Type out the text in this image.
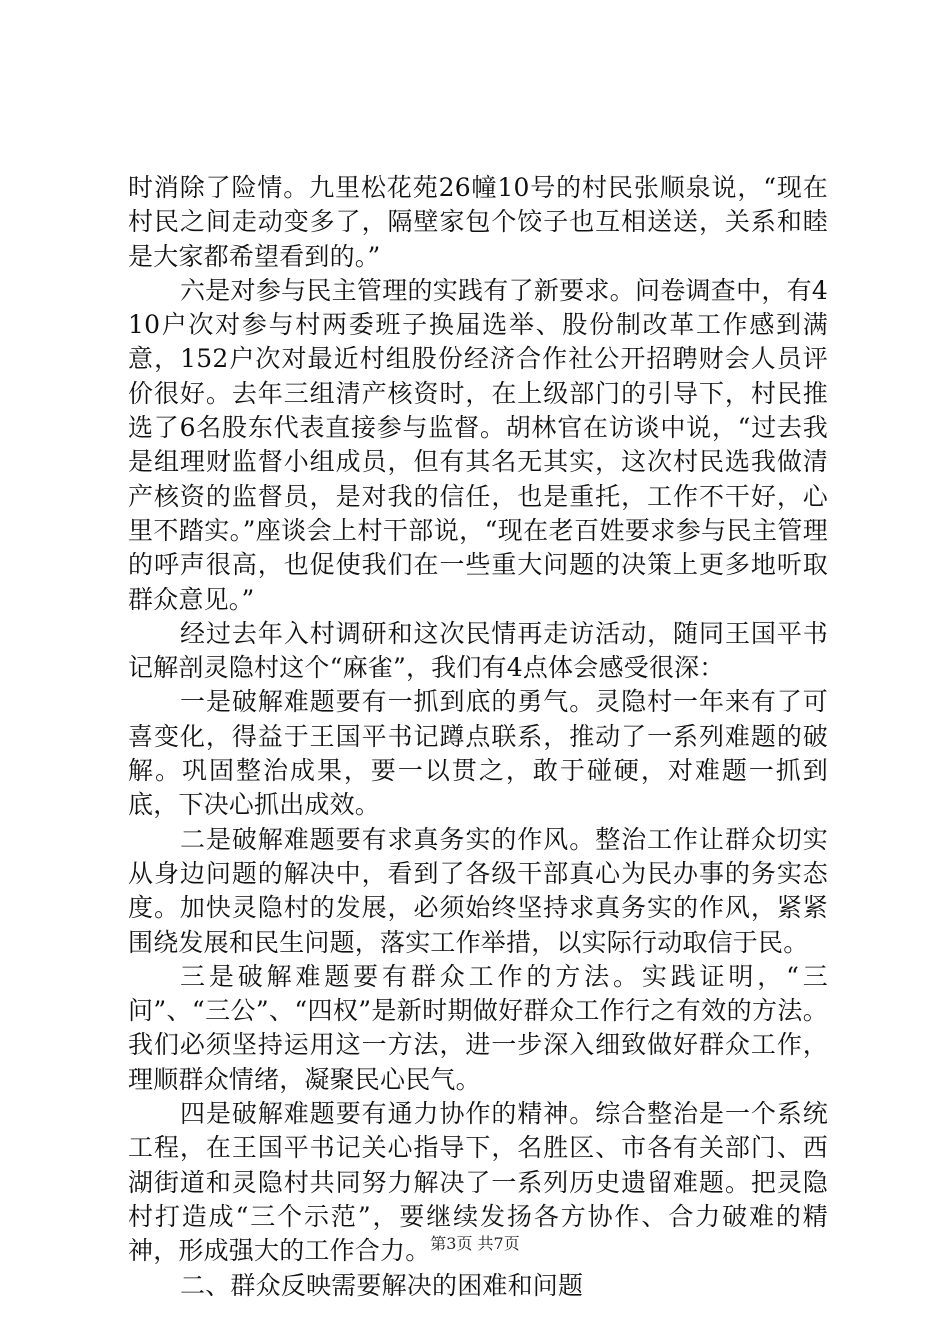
时消除了险情。九里松花苑26幢10号的村民张顺泉说，“现在村民之间走动变多了，隔壁家包个饺子也互相送送，关系和睦是大家都希望看到的。”

六是对参与民主管理的实践有了新要求。问卷调查中，有410户次对参与村两委班子换届选举、股份制改革工作感到满意，152户次对最近村组股份经济合作社公开招聘财会人员评价很好。去年三组清产核资时，在上级部门的引导下，村民推选了6名股东代表直接参与监督。胡林官在访谈中说，“过去我是组理财监督小组成员，但有其名无其实，这次村民选我做清产核资的监督员，是对我的信任，也是重托，工作不干好，心里不踏实。”座谈会上村干部说，“现在老百姓要求参与民主管理的呼声很高，也促使我们在一些重大问题的决策上更多地听取群众意见。”

经过去年入村调研和这次民情再走访活动，随同王国平书记解剖灵隐村这个“麻雀”，我们有4点体会感受很深：

一是破解难题要有一抓到底的勇气。灵隐村一年来有了可喜变化，得益于王国平书记蹲点联系，推动了一系列难题的破解。巩固整治成果，要一以贯之，敢于碰硬，对难题一抓到底，下决心抓出成效。

二是破解难题要有求真务实的作风。整治工作让群众切实从身边问题的解决中，看到了各级干部真心为民办事的务实态度。加快灵隐村的发展，必须始终坚持求真务实的作风，紧紧围绕发展和民生问题，落实工作举措，以实际行动取信于民。

三是破解难题要有群众工作的方法。实践证明，“三问”、“三公”、“四权”是新时期做好群众工作行之有效的方法。我们必须坚持运用这一方法，进一步深入细致做好群众工作，理顺群众情绪，凝聚民心民气。

四是破解难题要有通力协作的精神。综合整治是一个系统工程，在王国平书记关心指导下，名胜区、市各有关部门、西湖街道和灵隐村共同努力解决了一系列历史遗留难题。把灵隐村打造成“三个示范”，要继续发扬各方协作、合力破难的精神，形成强大的工作合力。

二、群众反映需要解决的困难和问题

第3页 共7页
